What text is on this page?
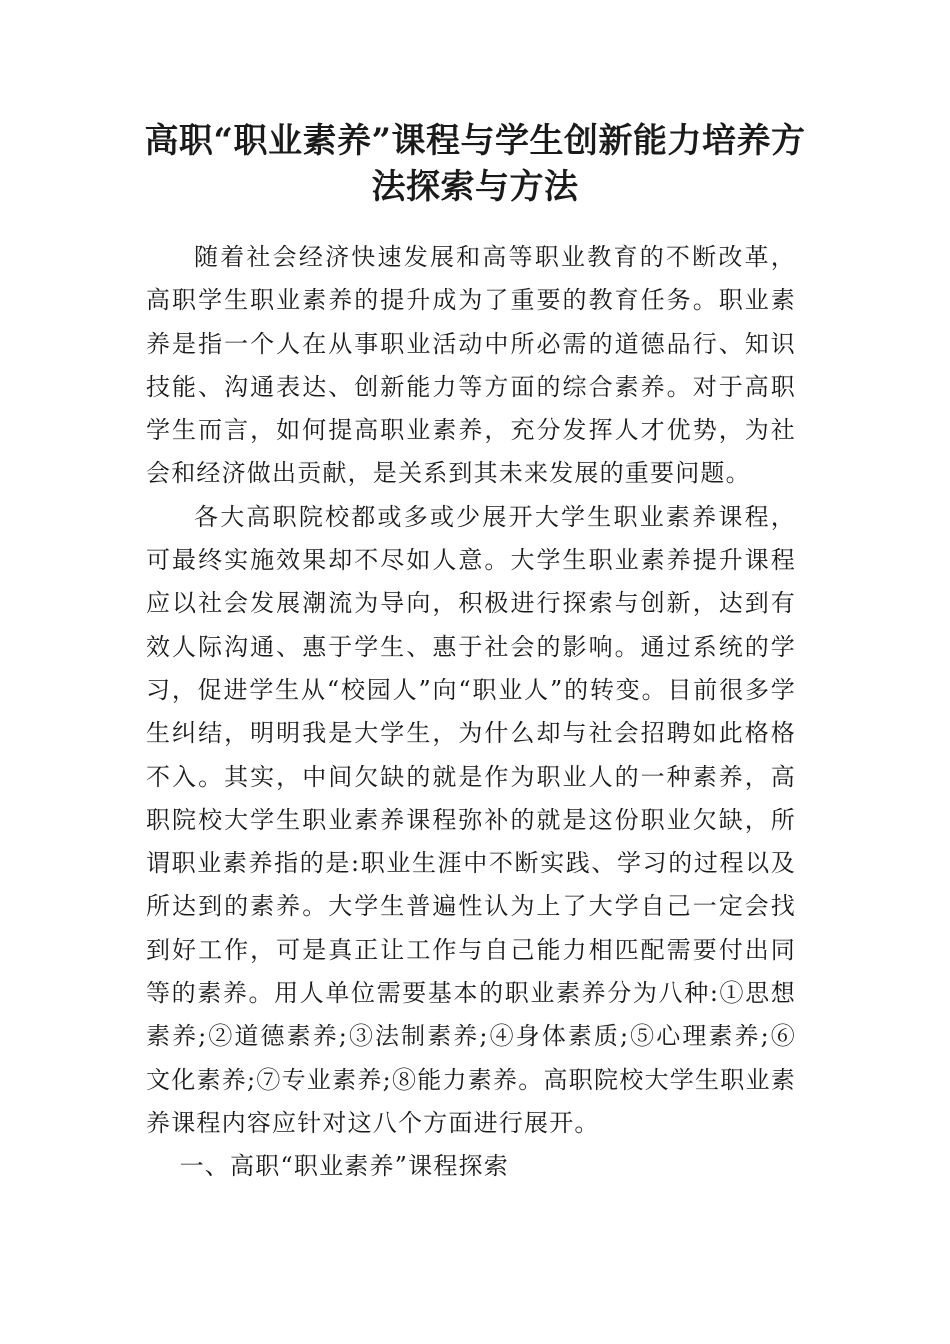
高职“职业素养”课程与学生创新能力培养方法探索与方法

随着社会经济快速发展和高等职业教育的不断改革，高职学生职业素养的提升成为了重要的教育任务。职业素养是指一个人在从事职业活动中所必需的道德品行、知识技能、沟通表达、创新能力等方面的综合素养。对于高职学生而言，如何提高职业素养，充分发挥人才优势，为社会和经济做出贡献，是关系到其未来发展的重要问题。

各大高职院校都或多或少展开大学生职业素养课程，可最终实施效果却不尽如人意。大学生职业素养提升课程应以社会发展潮流为导向，积极进行探索与创新，达到有效人际沟通、惠于学生、惠于社会的影响。通过系统的学习，促进学生从“校园人”向“职业人”的转变。目前很多学生纠结，明明我是大学生，为什么却与社会招聘如此格格不入。其实，中间欠缺的就是作为职业人的一种素养，高职院校大学生职业素养课程弥补的就是这份职业欠缺，所谓职业素养指的是:职业生涯中不断实践、学习的过程以及所达到的素养。大学生普遍性认为上了大学自己一定会找到好工作，可是真正让工作与自己能力相匹配需要付出同等的素养。用人单位需要基本的职业素养分为八种:①思想素养;②道德素养;③法制素养;④身体素质;⑤心理素养;⑥文化素养;⑦专业素养;⑧能力素养。高职院校大学生职业素养课程内容应针对这八个方面进行展开。

一、高职“职业素养”课程探索
